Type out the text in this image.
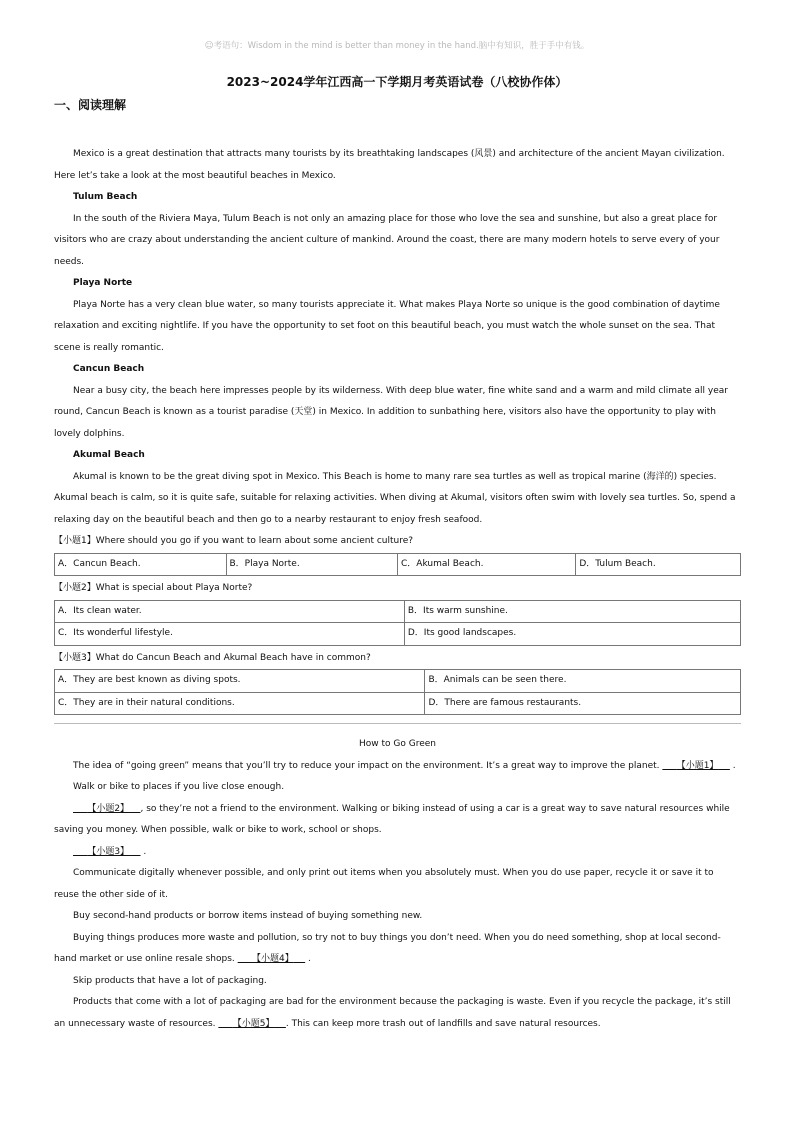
☺考语句：Wisdom in the mind is better than money in the hand.脑中有知识，胜于手中有钱。
2023~2024学年江西高一下学期月考英语试卷（八校协作体）
一、阅读理解

Mexico is a great destination that attracts many tourists by its breathtaking landscapes (风景) and architecture of the ancient Mayan civilization. Here let’s take a look at the most beautiful beaches in Mexico.

Tulum Beach

In the south of the Riviera Maya, Tulum Beach is not only an amazing place for those who love the sea and sunshine, but also a great place for visitors who are crazy about understanding the ancient culture of mankind. Around the coast, there are many modern hotels to serve every of your needs.

Playa Norte

Playa Norte has a very clean blue water, so many tourists appreciate it. What makes Playa Norte so unique is the good combination of daytime relaxation and exciting nightlife. If you have the opportunity to set foot on this beautiful beach, you must watch the whole sunset on the sea. That scene is really romantic.

Cancun Beach

Near a busy city, the beach here impresses people by its wilderness. With deep blue water, fine white sand and a warm and mild climate all year round, Cancun Beach is known as a tourist paradise (天堂) in Mexico. In addition to sunbathing here, visitors also have the opportunity to play with lovely dolphins.

Akumal Beach

Akumal is known to be the great diving spot in Mexico. This Beach is home to many rare sea turtles as well as tropical marine (海洋的) species. Akumal beach is calm, so it is quite safe, suitable for relaxing activities. When diving at Akumal, visitors often swim with lovely sea turtles. So, spend a relaxing day on the beautiful beach and then go to a nearby restaurant to enjoy fresh seafood.

【小题1】Where should you go if you want to learn about some ancient culture?
A．Cancun Beach.	B．Playa Norte.	C．Akumal Beach.	D．Tulum Beach.
【小题2】What is special about Playa Norte?
A．Its clean water.	B．Its warm sunshine.
C．Its wonderful lifestyle.	D．Its good landscapes.
【小题3】What do Cancun Beach and Akumal Beach have in common?
A．They are best known as diving spots.	B．Animals can be seen there.
C．They are in their natural conditions.	D．There are famous restaurants.
How to Go Green

The idea of “going green” means that you’ll try to reduce your impact on the environment. It’s a great way to improve the planet. 【小题1】     .

Walk or bike to places if you live close enough.

【小题2】 , so they’re not a friend to the environment. Walking or biking instead of using a car is a great way to save natural resources while saving you money. When possible, walk or bike to work, school or shops.

【小题3】     .

Communicate digitally whenever possible, and only print out items when you absolutely must. When you do use paper, recycle it or save it to reuse the other side of it.

Buy second-hand products or borrow items instead of buying something new.

Buying things produces more waste and pollution, so try not to buy things you don’t need. When you do need something, shop at local second-hand market or use online resale shops. 【小题4】     .

Skip products that have a lot of packaging.

Products that come with a lot of packaging are bad for the environment because the packaging is waste. Even if you recycle the package, it’s still an unnecessary waste of resources. 【小题5】 . This can keep more trash out of landfills and save natural resources.
